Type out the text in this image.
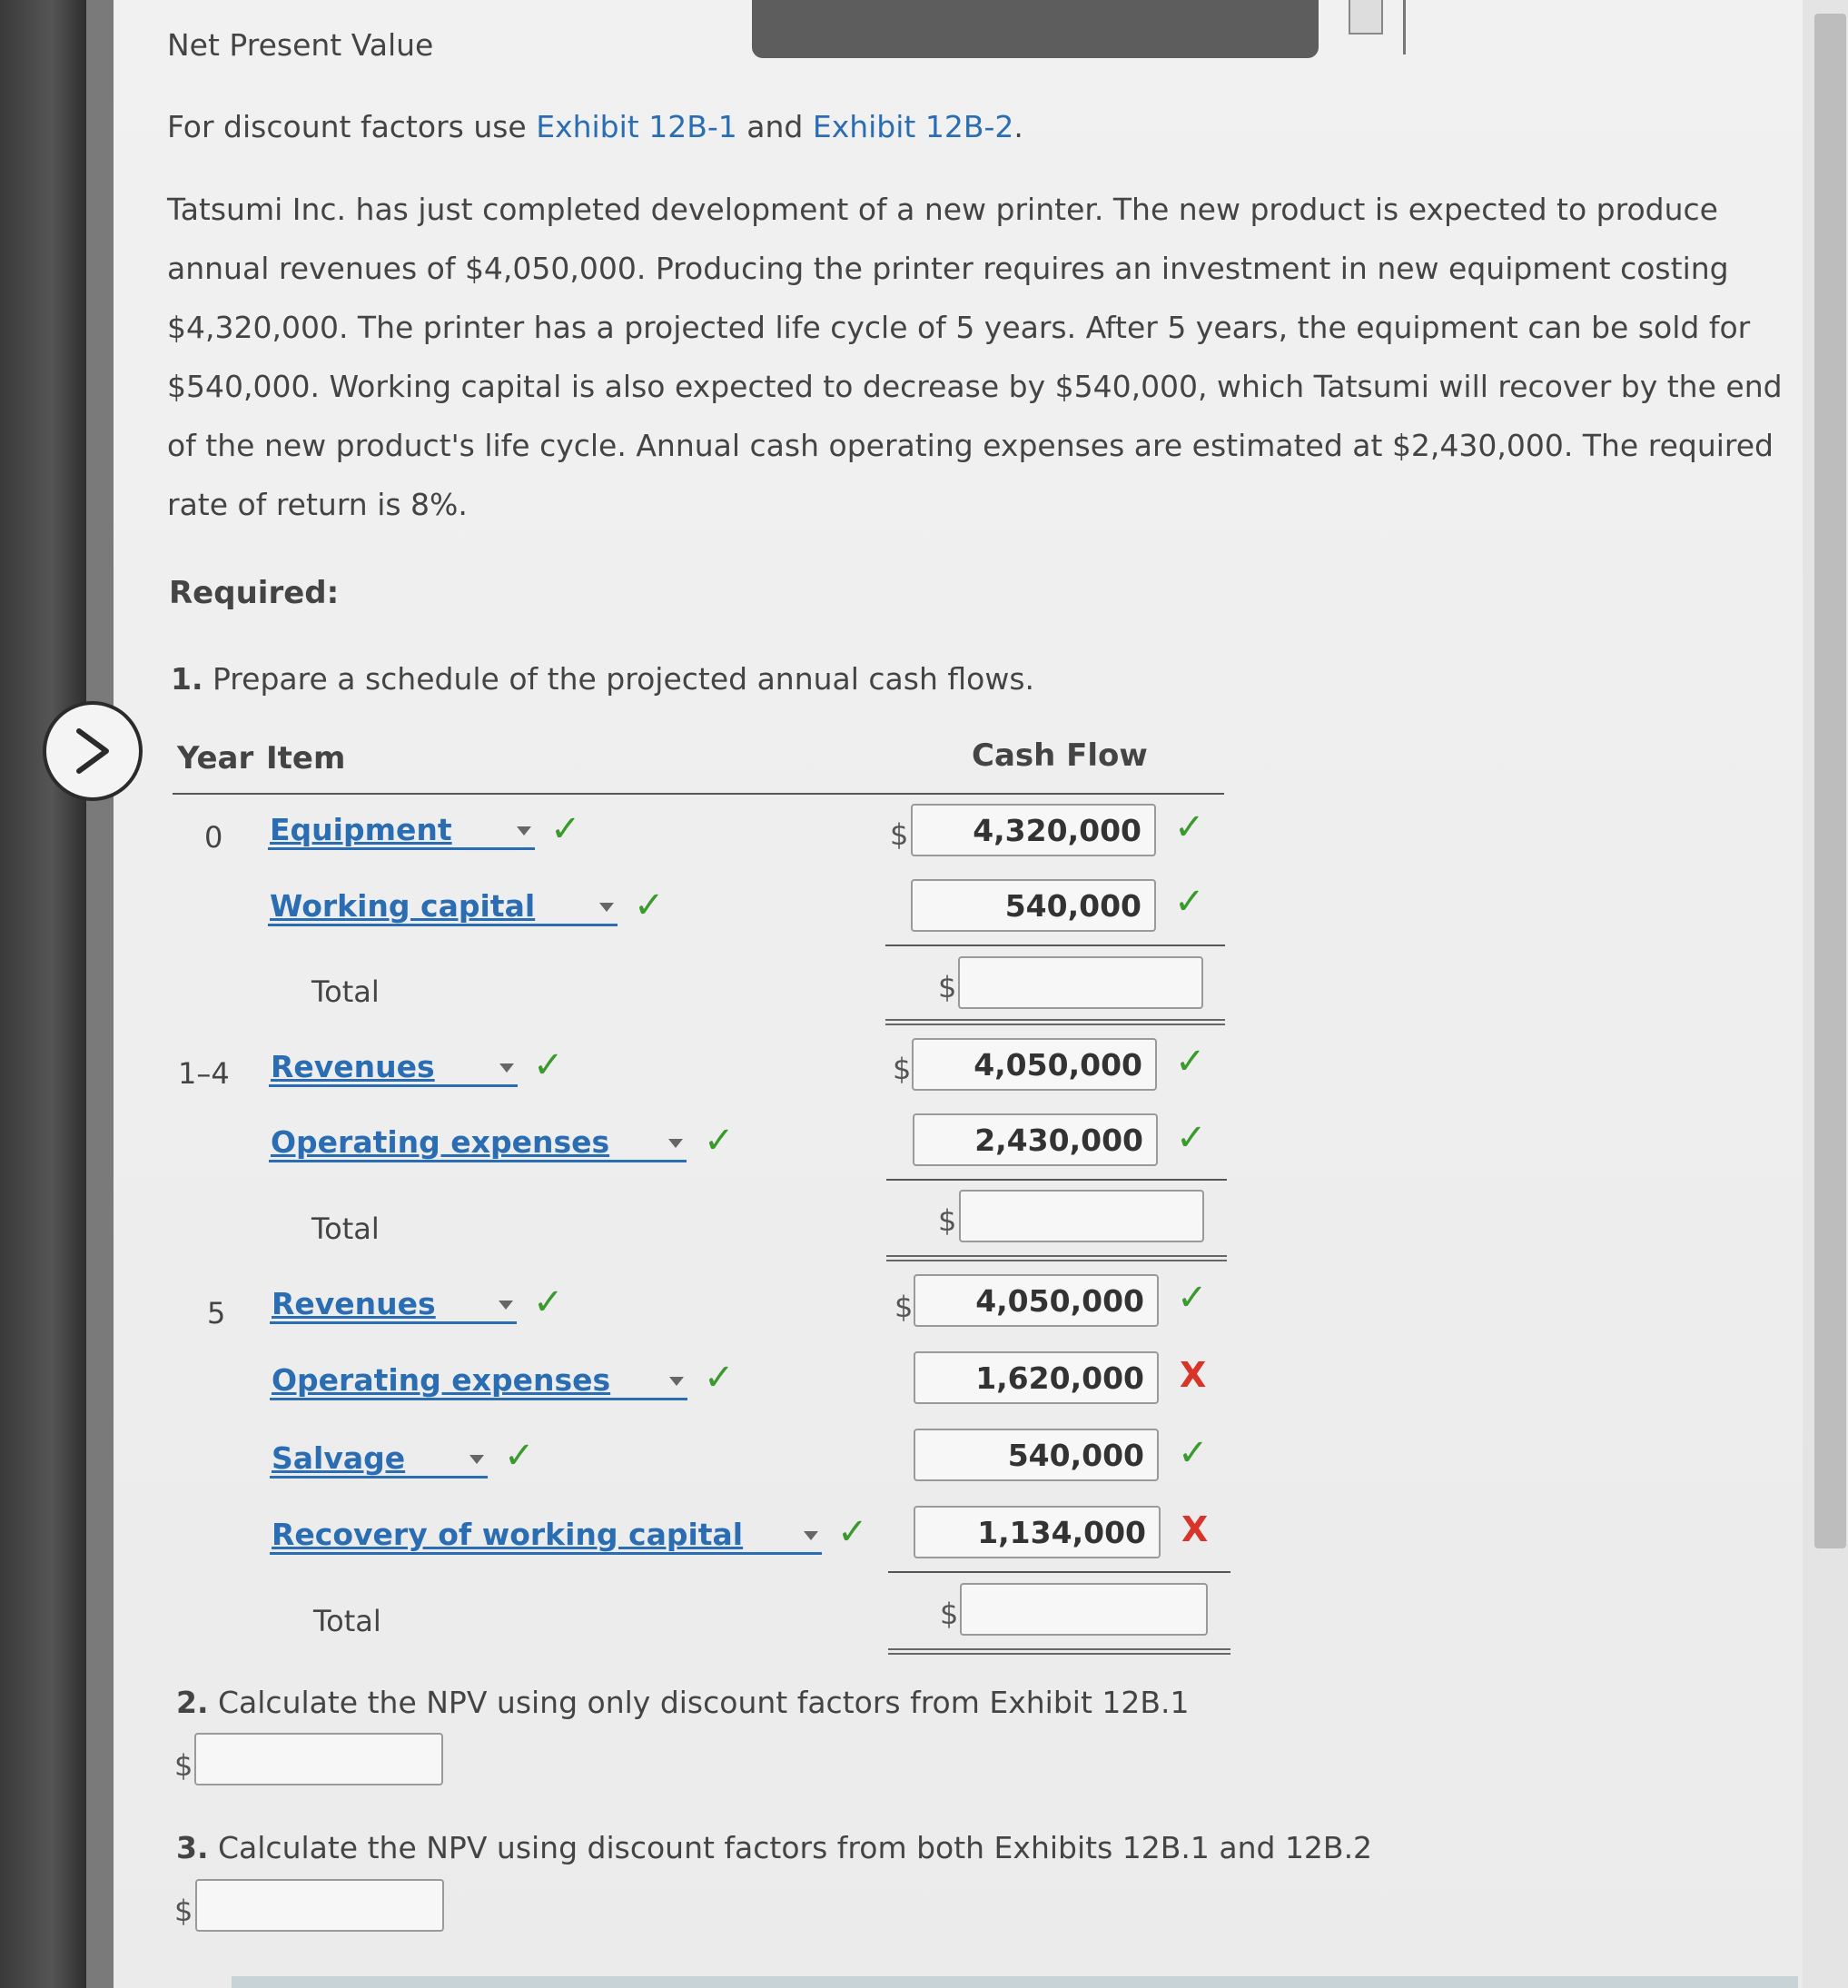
Net Present Value
For discount factors use Exhibit 12B-1 and Exhibit 12B-2.
Tatsumi Inc. has just completed development of a new printer. The new product is expected to produce
annual revenues of $4,050,000. Producing the printer requires an investment in new equipment costing
$4,320,000. The printer has a projected life cycle of 5 years. After 5 years, the equipment can be sold for
$540,000. Working capital is also expected to decrease by $540,000, which Tatsumi will recover by the end
of the new product's life cycle. Annual cash operating expenses are estimated at $2,430,000. The required
rate of return is 8%.
Required:
1. Prepare a schedule of the projected annual cash flows.
Year Item	Cash Flow
0 Equipment	✓	$	4,320,000 ✓
Working capital	✓	540,000 ✓
Total	$
1–4 Revenues	✓	$	4,050,000 ✓
Operating expenses	✓	2,430,000 ✓
Total	$
5 Revenues	✓	$	4,050,000 ✓
Operating expenses	✓	1,620,000	X
Salvage	✓	540,000 ✓
Recovery of working capital	✓	1,134,000	X
Total	$
2. Calculate the NPV using only discount factors from Exhibit 12B.1
$
3. Calculate the NPV using discount factors from both Exhibits 12B.1 and 12B.2
$
